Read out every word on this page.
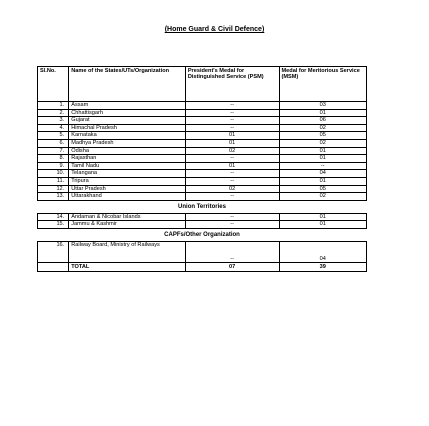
(Home Guard & Civil Defence)
Sl.No.	Name of the States/UTs/Organization	President's Medal for Distinguished Service (PSM)	Medal for Meritorious Service (MSM)
1.	Assam	--	03
2.	Chhattisgarh	--	01
3.	Gujarat	--	06
4.	Himachal Pradesh	--	02
5.	Karnataka	01	05
6.	Madhya Pradesh	01	02
7.	Odisha	02	01
8.	Rajasthan	--	01
9.	Tamil Nadu	01	--
10.	Telangana	--	04
11.	Tripura	--	01
12.	Uttar Pradesh	02	05
13.	Uttarakhand	--	02
Union Territories			
14.	Andaman & Nicobar Islands	--	01
15.	Jammu & Kashmir	--	01
CAPFs/Other Organization			
16.	Railway Board, Ministry of Railways	--	04
	TOTAL	07	39
